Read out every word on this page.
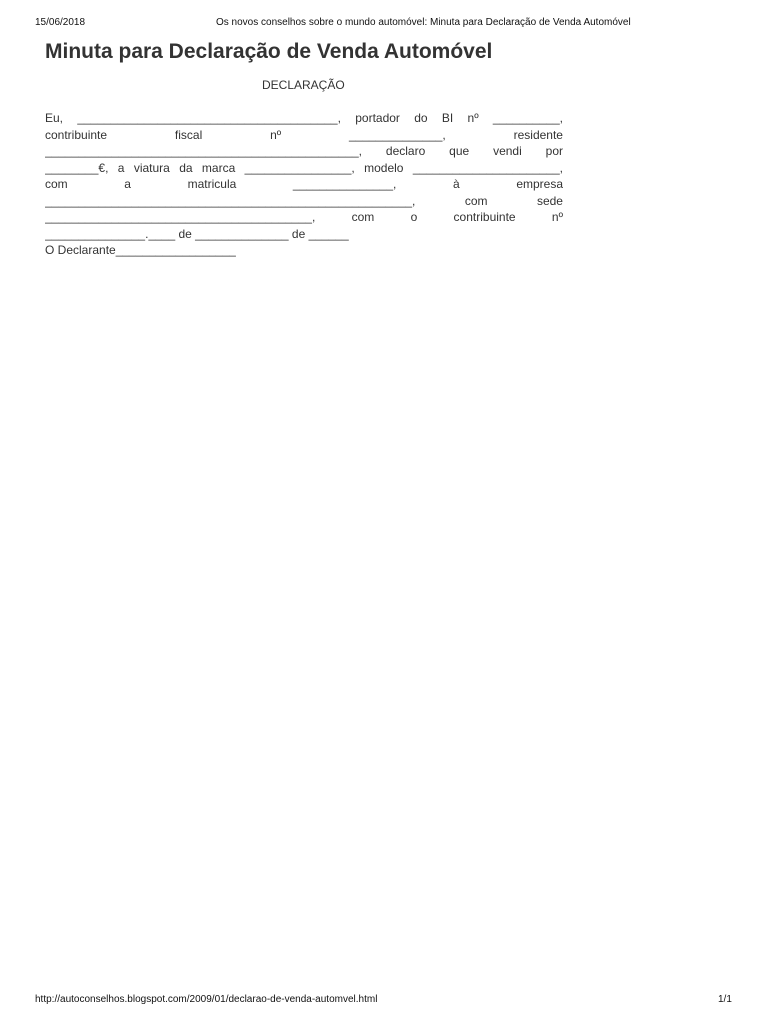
15/06/2018	Os novos conselhos sobre o mundo automóvel: Minuta para Declaração de Venda Automóvel
Minuta para Declaração de Venda Automóvel
DECLARAÇÃO
Eu, _______________________________________, portador do BI nº __________,
contribuinte	fiscal	nº	______________,	residente
_______________________________________________, declaro que vendi por
________€, a viatura da marca ________________, modelo ______________________,
com	a	matricula	_______________,	à	empresa
_______________________________________________________,	com	sede
________________________________________,	com	o	contribuinte	nº
_______________.____ de ______________ de ______
O Declarante__________________
http://autoconselhos.blogspot.com/2009/01/declarao-de-venda-automvel.html	1/1
